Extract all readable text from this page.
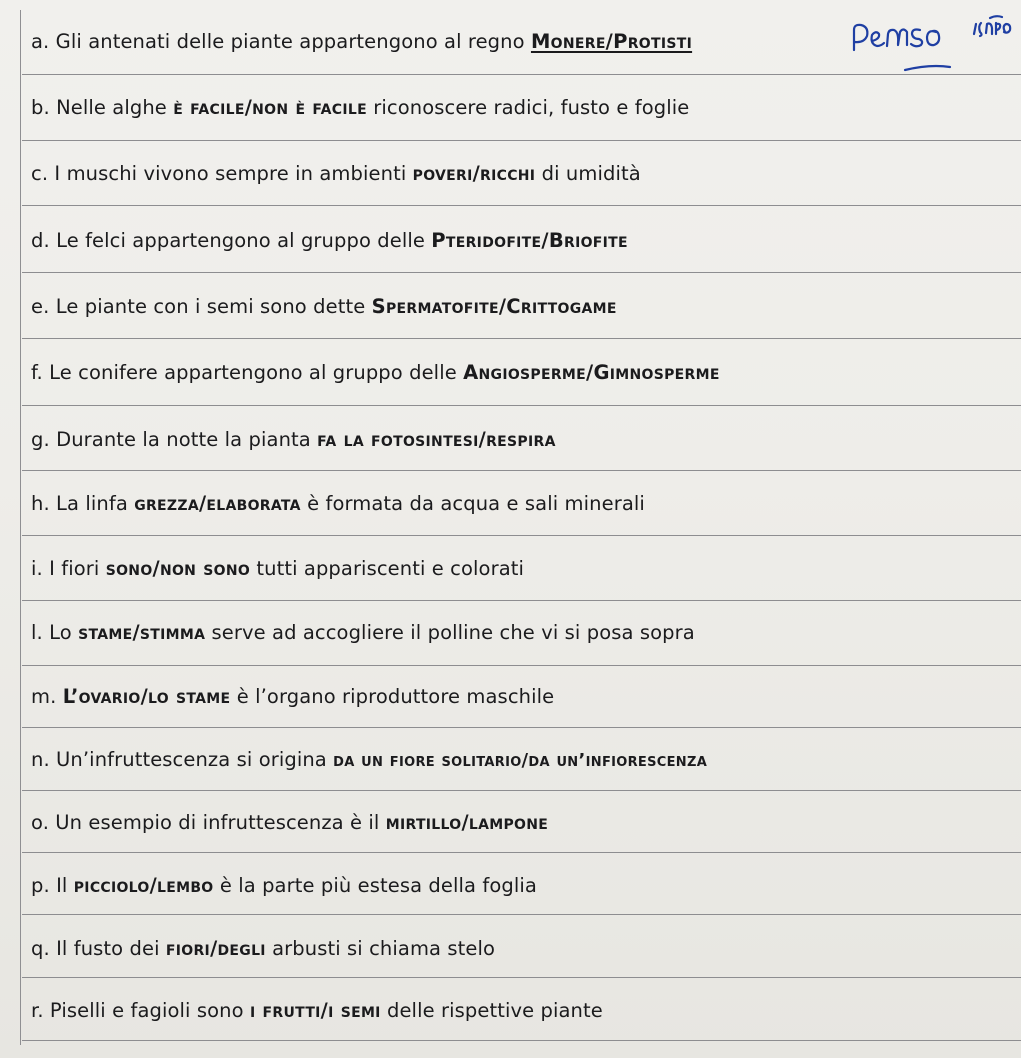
a. Gli antenati delle piante appartengono al regno Monere/Protisti
b. Nelle alghe è facile/non è facile riconoscere radici, fusto e foglie
c. I muschi vivono sempre in ambienti poveri/ricchi di umidità
d. Le felci appartengono al gruppo delle Pteridofite/Briofite
e. Le piante con i semi sono dette Spermatofite/Crittogame
f. Le conifere appartengono al gruppo delle Angiosperme/Gimnosperme
g. Durante la notte la pianta fa la fotosintesi/respira
h. La linfa grezza/elaborata è formata da acqua e sali minerali
i. I fiori sono/non sono tutti appariscenti e colorati
l. Lo stame/stimma serve ad accogliere il polline che vi si posa sopra
m. L’ovario/lo stame è l’organo riproduttore maschile
n. Un’infruttescenza si origina da un fiore solitario/da un’infiorescenza
o. Un esempio di infruttescenza è il mirtillo/lampone
p. Il picciolo/lembo è la parte più estesa della foglia
q. Il fusto dei fiori/degli arbusti si chiama stelo
r. Piselli e fagioli sono i frutti/i semi delle rispettive piante
